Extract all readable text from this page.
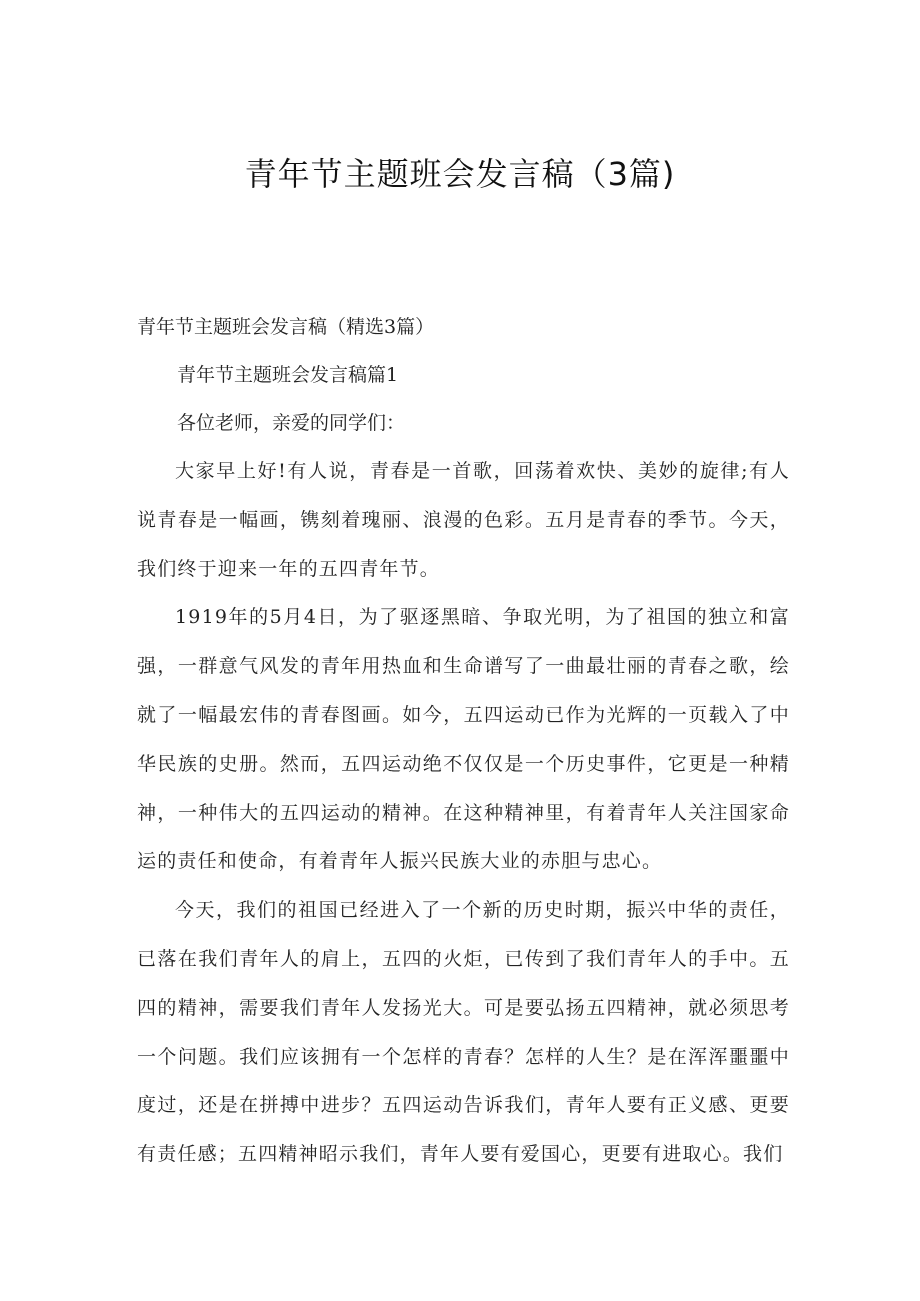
青年节主题班会发言稿（3篇)

青年节主题班会发言稿（精选3篇）

青年节主题班会发言稿篇1

各位老师，亲爱的同学们：

大家早上好!有人说，青春是一首歌，回荡着欢快、美妙的旋律;有人说青春是一幅画，镌刻着瑰丽、浪漫的色彩。五月是青春的季节。今天，我们终于迎来一年的五四青年节。

1919年的5月4日，为了驱逐黑暗、争取光明，为了祖国的独立和富强，一群意气风发的青年用热血和生命谱写了一曲最壮丽的青春之歌，绘就了一幅最宏伟的青春图画。如今，五四运动已作为光辉的一页载入了中华民族的史册。然而，五四运动绝不仅仅是一个历史事件，它更是一种精神，一种伟大的五四运动的精神。在这种精神里，有着青年人关注国家命运的责任和使命，有着青年人振兴民族大业的赤胆与忠心。

今天，我们的祖国已经进入了一个新的历史时期，振兴中华的责任，已落在我们青年人的肩上，五四的火炬，已传到了我们青年人的手中。五四的精神，需要我们青年人发扬光大。可是要弘扬五四精神，就必须思考一个问题。我们应该拥有一个怎样的青春？怎样的人生？是在浑浑噩噩中度过，还是在拼搏中进步？五四运动告诉我们，青年人要有正义感、更要有责任感；五四精神昭示我们，青年人要有爱国心，更要有进取心。我们
